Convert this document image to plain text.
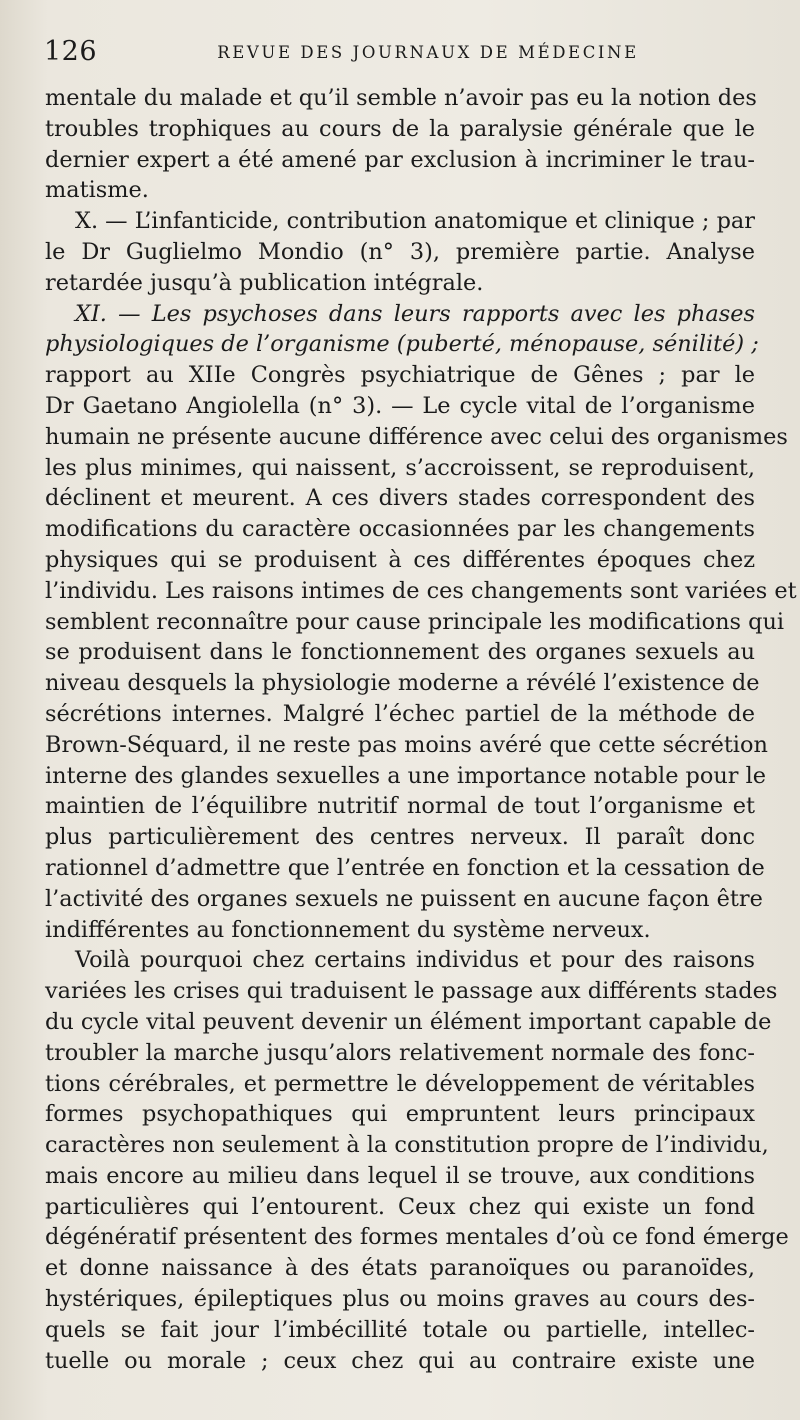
126	REVUE DES JOURNAUX DE MÉDECINE
mentale du malade et qu’il semble n’avoir pas eu la notion des
troubles trophiques au cours de la paralysie générale que le
dernier expert a été amené par exclusion à incriminer le trau-
matisme.
X. — L’infanticide, contribution anatomique et clinique ; par
le Dr Guglielmo Mondio (n° 3), première partie. Analyse
retardée jusqu’à publication intégrale.
XI. — Les psychoses dans leurs rapports avec les phases
physiologiques de l’organisme (puberté, ménopause, sénilité) ;
rapport au XIIe Congrès psychiatrique de Gênes ; par le
Dr Gaetano Angiolella (n° 3). — Le cycle vital de l’organisme
humain ne présente aucune différence avec celui des organismes
les plus minimes, qui naissent, s’accroissent, se reproduisent,
déclinent et meurent. A ces divers stades correspondent des
modifications du caractère occasionnées par les changements
physiques qui se produisent à ces différentes époques chez
l’individu. Les raisons intimes de ces changements sont variées et
semblent reconnaître pour cause principale les modifications qui
se produisent dans le fonctionnement des organes sexuels au
niveau desquels la physiologie moderne a révélé l’existence de
sécrétions internes. Malgré l’échec partiel de la méthode de
Brown-Séquard, il ne reste pas moins avéré que cette sécrétion
interne des glandes sexuelles a une importance notable pour le
maintien de l’équilibre nutritif normal de tout l’organisme et
plus particulièrement des centres nerveux. Il paraît donc
rationnel d’admettre que l’entrée en fonction et la cessation de
l’activité des organes sexuels ne puissent en aucune façon être
indifférentes au fonctionnement du système nerveux.
Voilà pourquoi chez certains individus et pour des raisons
variées les crises qui traduisent le passage aux différents stades
du cycle vital peuvent devenir un élément important capable de
troubler la marche jusqu’alors relativement normale des fonc-
tions cérébrales, et permettre le développement de véritables
formes psychopathiques qui empruntent leurs principaux
caractères non seulement à la constitution propre de l’individu,
mais encore au milieu dans lequel il se trouve, aux conditions
particulières qui l’entourent. Ceux chez qui existe un fond
dégénératif présentent des formes mentales d’où ce fond émerge
et donne naissance à des états paranoïques ou paranoïdes,
hystériques, épileptiques plus ou moins graves au cours des-
quels se fait jour l’imbécillité totale ou partielle, intellec-
tuelle ou morale ; ceux chez qui au contraire existe une
